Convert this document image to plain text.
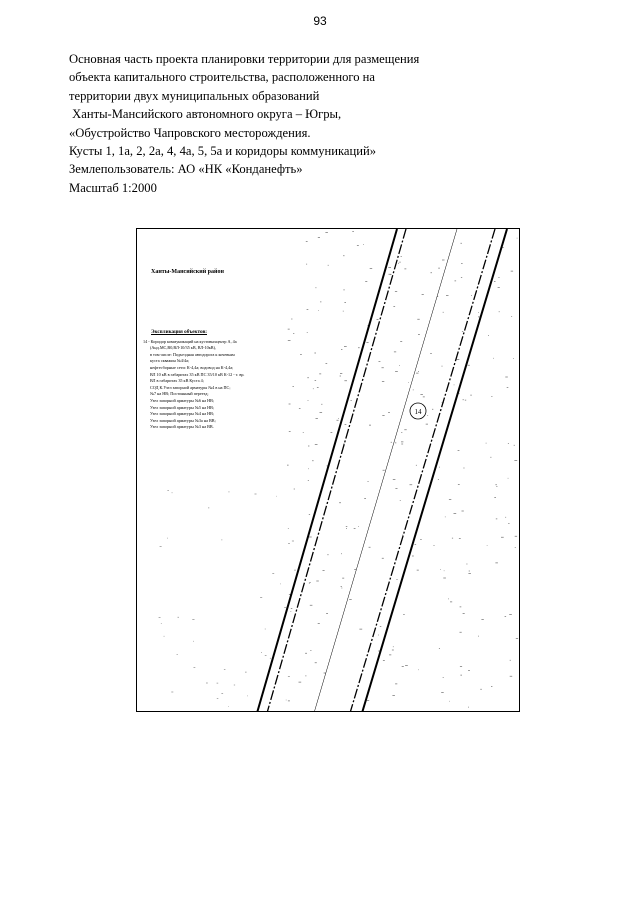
93
Основная часть проекта планировки территории для размещения
объекта капитального строительства, расположенного на
территории двух муниципальных образований
Ханты-Мансийского автономного округа – Югры,
«Обустройство Чапровского месторождения.
Кусты 1, 1а, 2, 2а, 4, 4а, 5, 5а и коридоры коммуникаций»
Землепользователь: АО «НК «Конданефть»
Масштаб 1:2000
14
Ханты-Мансийский район
Экспликация объектов:
14 - Коридор коммуникаций на кустовыхцентр А, 4а
(Анд.МС,В0,ВЛ-10/35 кВ, ВЛ-10кВ),
в том числе: Подъездная автодорога к кочевьям
куста скважин №4/4а;
нефтесборные сети: К-4,4а; водовод на К-4,4а;
ВЛ 10 кВ в габаритах 35 кВ ПС 35/10 кВ К-12 - т. вр.
ВЛ в габаритах 35 кВ Куста 4;
СОД К.Узел запорной арматуры №4 в на ПС;
№7 на НВ; Постоянный переезд;
Узел запорной арматуры №6 на НВ;
Узел запорной арматуры №5 на НВ;
Узел запорной арматуры №4 на НВ;
Узел запорной арматуры №3а на ВВ;
Узел запорной арматуры №3 на ВВ.
